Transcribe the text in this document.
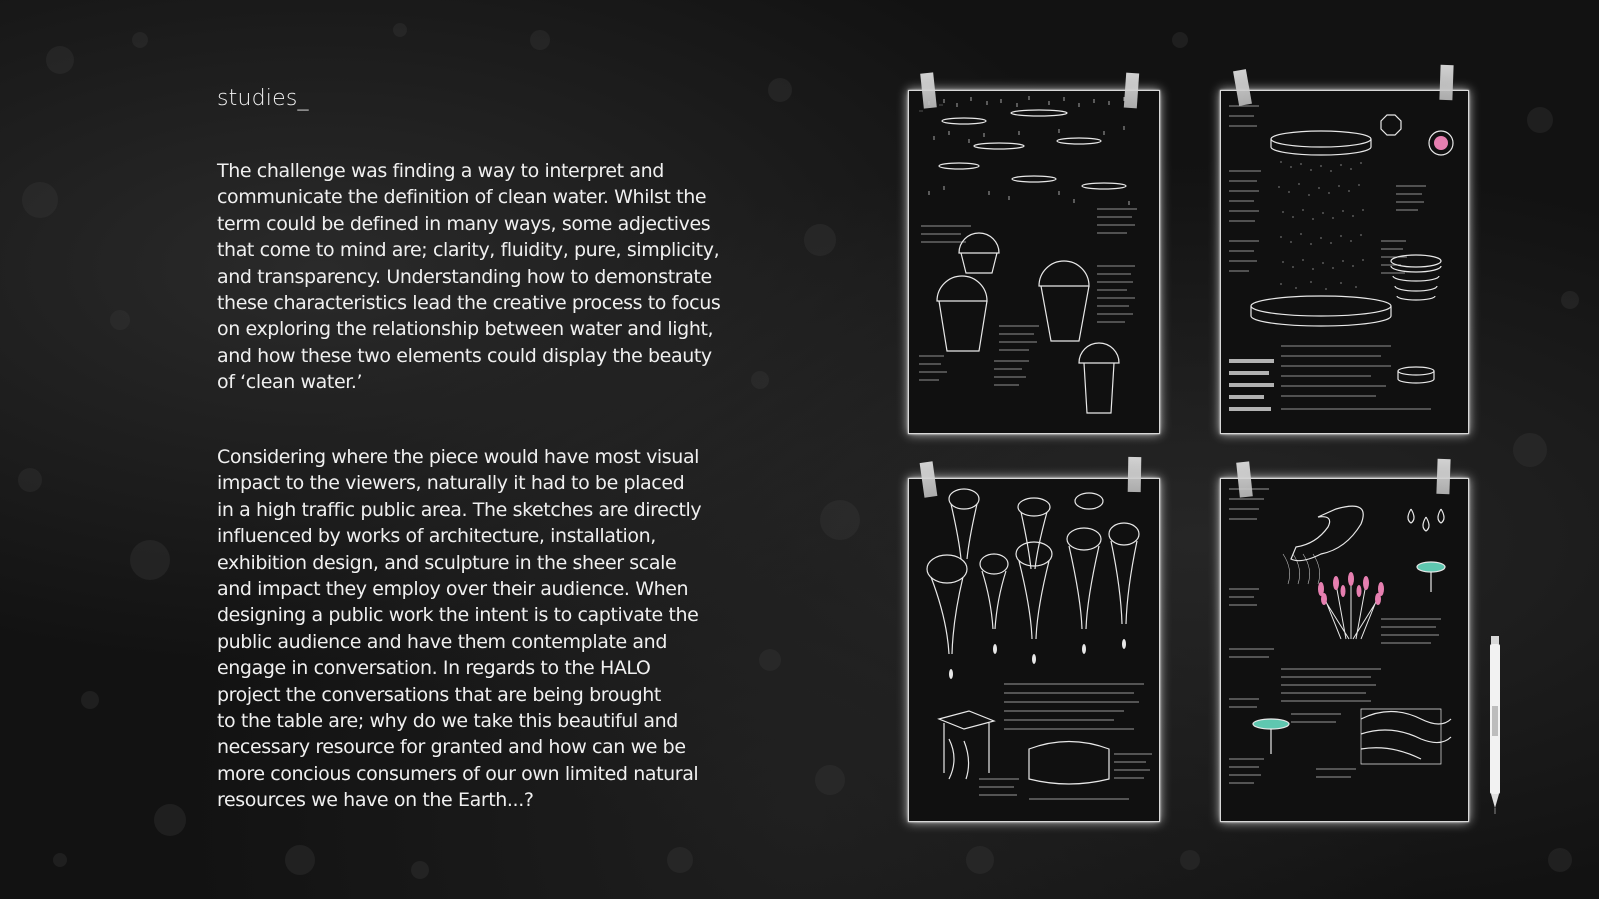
studies_

The challenge was finding a way to interpret and
communicate the definition of clean water. Whilst the
term could be defined in many ways, some adjectives
that come to mind are; clarity, fluidity, pure, simplicity,
and transparency. Understanding how to demonstrate
these characteristics lead the creative process to focus
on exploring the relationship between water and light,
and how these two elements could display the beauty
of ‘clean water.’

Considering where the piece would have most visual
impact to the viewers, naturally it had to be placed
in a high traffic public area. The sketches are directly
influenced by works of architecture, installation,
exhibition design, and sculpture in the sheer scale
and impact they employ over their audience. When
designing a public work the intent is to captivate the
public audience and have them contemplate and
engage in conversation. In regards to the HALO
project the conversations that are being brought
to the table are; why do we take this beautiful and
necessary resource for granted and how can we be
more concious consumers of our own limited natural
resources we have on the Earth...?
